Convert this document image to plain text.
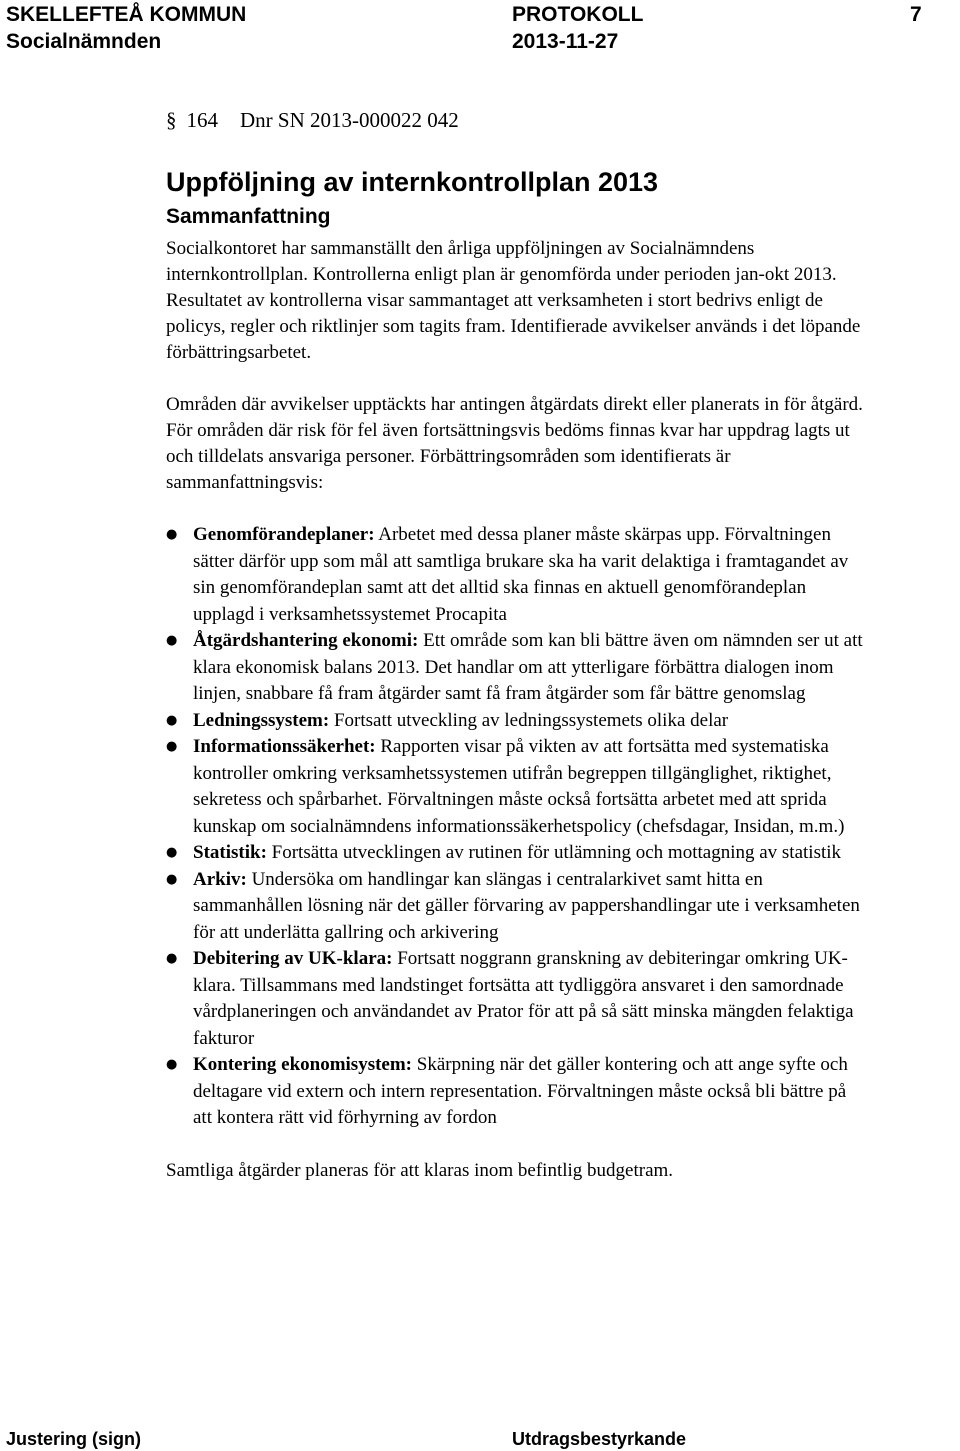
SKELLEFTEÅ KOMMUN	PROTOKOLL	7
Socialnämnden	2013-11-27

§ 164 Dnr SN 2013-000022 042

Uppföljning av internkontrollplan 2013
Sammanfattning

Socialkontoret har sammanställt den årliga uppföljningen av Socialnämndens internkontrollplan. Kontrollerna enligt plan är genomförda under perioden jan-okt 2013. Resultatet av kontrollerna visar sammantaget att verksamheten i stort bedrivs enligt de policys, regler och riktlinjer som tagits fram. Identifierade avvikelser används i det löpande förbättringsarbetet.

Områden där avvikelser upptäckts har antingen åtgärdats direkt eller planerats in för åtgärd. För områden där risk för fel även fortsättningsvis bedöms finnas kvar har uppdrag lagts ut och tilldelats ansvariga personer. Förbättringsområden som identifierats är sammanfattningsvis:

● Genomförandeplaner: Arbetet med dessa planer måste skärpas upp. Förvaltningen sätter därför upp som mål att samtliga brukare ska ha varit delaktiga i framtagandet av sin genomförandeplan samt att det alltid ska finnas en aktuell genomförandeplan upplagd i verksamhetssystemet Procapita
● Åtgärdshantering ekonomi: Ett område som kan bli bättre även om nämnden ser ut att klara ekonomisk balans 2013. Det handlar om att ytterligare förbättra dialogen inom linjen, snabbare få fram åtgärder samt få fram åtgärder som får bättre genomslag
● Ledningssystem: Fortsatt utveckling av ledningssystemets olika delar
● Informationssäkerhet: Rapporten visar på vikten av att fortsätta med systematiska kontroller omkring verksamhetssystemen utifrån begreppen tillgänglighet, riktighet, sekretess och spårbarhet. Förvaltningen måste också fortsätta arbetet med att sprida kunskap om socialnämndens informationssäkerhetspolicy (chefsdagar, Insidan, m.m.)
● Statistik: Fortsätta utvecklingen av rutinen för utlämning och mottagning av statistik
● Arkiv: Undersöka om handlingar kan slängas i centralarkivet samt hitta en sammanhållen lösning när det gäller förvaring av pappershandlingar ute i verksamheten för att underlätta gallring och arkivering
● Debitering av UK-klara: Fortsatt noggrann granskning av debiteringar omkring UK-klara. Tillsammans med landstinget fortsätta att tydliggöra ansvaret i den samordnade vårdplaneringen och användandet av Prator för att på så sätt minska mängden felaktiga fakturor
● Kontering ekonomisystem: Skärpning när det gäller kontering och att ange syfte och deltagare vid extern och intern representation. Förvaltningen måste också bli bättre på att kontera rätt vid förhyrning av fordon

Samtliga åtgärder planeras för att klaras inom befintlig budgetram.

Justering (sign)	Utdragsbestyrkande
